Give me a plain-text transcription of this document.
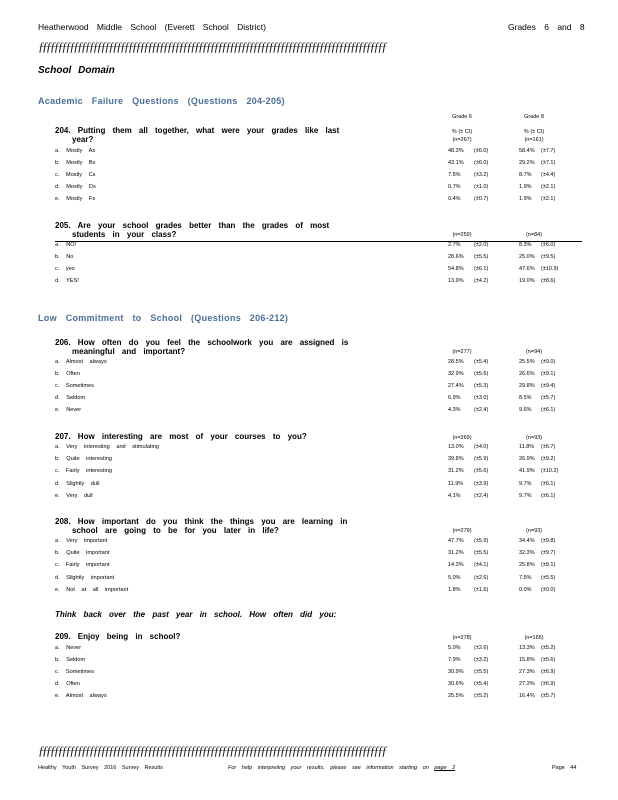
Heatherwood Middle School (Everett School District)	Grades 6 and 8
ƒƒƒƒƒƒƒƒƒƒƒƒƒƒƒƒƒƒƒƒƒƒƒƒƒƒƒƒƒƒƒƒƒƒƒƒƒƒƒƒƒƒƒƒƒƒƒƒƒƒƒƒƒƒƒƒƒƒƒƒƒƒƒƒƒƒƒƒƒƒƒƒƒƒƒƒƒƒƒƒƒƒƒƒƒƒƒƒƒ
School Domain
Academic Failure Questions (Questions 204-205)
Grade 6	Grade 8
% (± CI)	% (± CI)
Low Commitment to School (Questions 206-212)
Think back over the past year in school. How often did you:
204. Putting them all together, what were your grades like last
year?	(n=267)	(n=161)
a. Mostly As	48.3% (±6.0)	58.4% (±7.7)
b. Mostly Bs	43.1% (±6.0)	29.2% (±7.1)
c. Mostly Cs	7.5% (±3.2)	8.7% (±4.4)
d. Mostly Ds	0.7% (±1.0)	1.9% (±2.1)
e. Mostly Fs	0.4% (±0.7)	1.9% (±2.1)
205. Are your school grades better than the grades of most
students in your class?	(n=259)	(n=84)
a. NO!	2.7% (±2.0)	8.3% (±6.0)
b. No	28.6% (±5.5)	25.0% (±9.5)
c. yes	54.8% (±6.1)	47.6% (±10.9)
d. YES!	13.9% (±4.2)	19.0% (±8.6)
206. How often do you feel the schoolwork you are assigned is
meaningful and important?	(n=277)	(n=94)
a. Almost always	28.5% (±5.4)	25.5% (±9.0)
b. Often	32.9% (±5.6)	26.6% (±9.1)
c. Sometimes	27.4% (±5.3)	29.8% (±9.4)
d. Seldom	6.9% (±3.0)	8.5% (±5.7)
e. Never	4.3% (±2.4)	9.6% (±6.1)
207. How interesting are most of your courses to you?	(n=269)	(n=93)
a. Very interesting and stimulating	13.0% (±4.0)	11.8% (±6.7)
b. Quite interesting	39.8% (±5.9)	26.9% (±9.2)
c. Fairly interesting	31.2% (±5.6)	41.9% (±10.2)
d. Slightly dull	11.9% (±3.9)	9.7% (±6.1)
e. Very dull	4.1% (±2.4)	9.7% (±6.1)
208. How important do you think the things you are learning in
school are going to be for you later in life?	(n=279)	(n=93)
a. Very important	47.7% (±5.9)	34.4% (±9.8)
b. Quite important	31.2% (±5.5)	32.3% (±9.7)
c. Fairly important	14.3% (±4.1)	25.8% (±9.1)
d. Slightly important	5.0% (±2.6)	7.5% (±5.5)
e. Not at all important	1.8% (±1.6)	0.0% (±0.0)
209. Enjoy being in school?	(n=278)	(n=165)
a. Never	5.0% (±2.6)	13.3% (±5.2)
b. Seldom	7.9% (±3.2)	15.8% (±5.6)
c. Sometimes	30.9% (±5.5)	27.3% (±6.9)
d. Often	30.6% (±5.4)	27.3% (±6.9)
e. Almost always	25.5% (±5.2)	16.4% (±5.7)
ƒƒƒƒƒƒƒƒƒƒƒƒƒƒƒƒƒƒƒƒƒƒƒƒƒƒƒƒƒƒƒƒƒƒƒƒƒƒƒƒƒƒƒƒƒƒƒƒƒƒƒƒƒƒƒƒƒƒƒƒƒƒƒƒƒƒƒƒƒƒƒƒƒƒƒƒƒƒƒƒƒƒƒƒƒƒƒƒƒ
Healthy Youth Survey 2016 Survey Results	For help interpreting your results, please see information starting on page 2	Page 44
